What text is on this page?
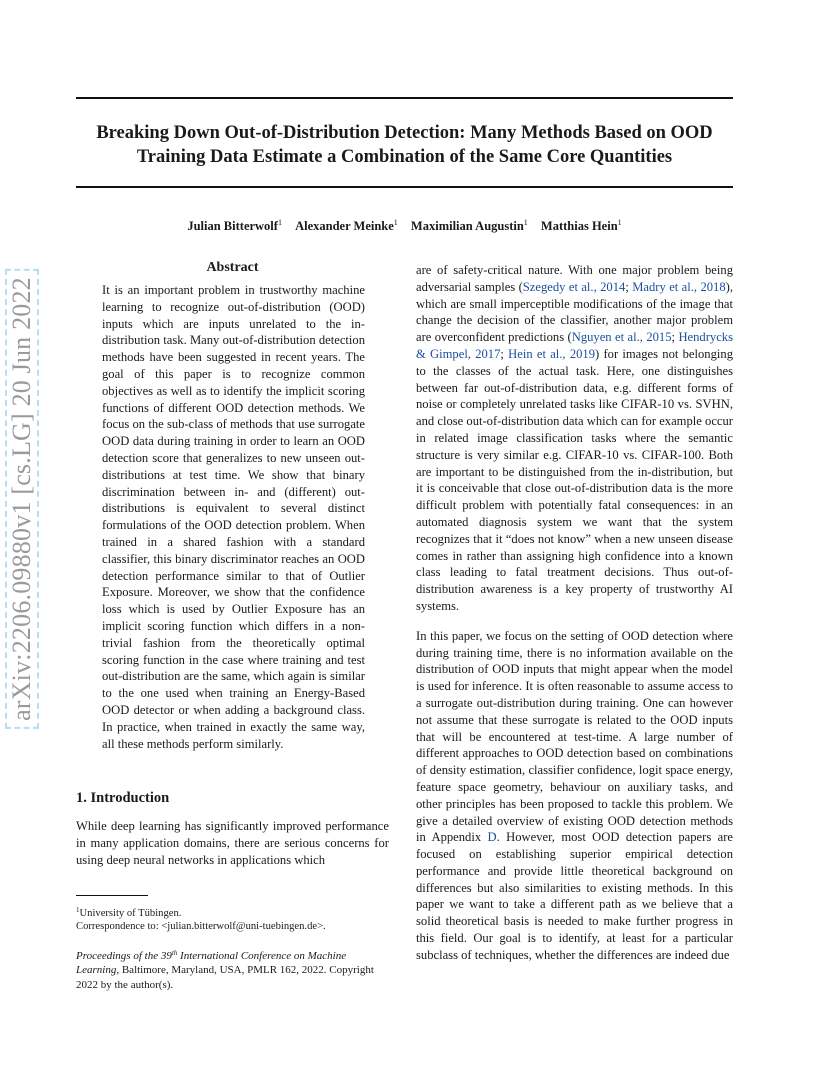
arXiv:2206.09880v1 [cs.LG] 20 Jun 2022
Breaking Down Out-of-Distribution Detection: Many Methods Based on OOD
Training Data Estimate a Combination of the Same Core Quantities
Julian Bitterwolf$^1$ Alexander Meinke$^1$ Maximilian Augustin$^1$ Matthias Hein$^1$
Abstract

It is an important problem in trustworthy machine learning to recognize out-of-distribution (OOD) inputs which are inputs unrelated to the in-distribution task. Many out-of-distribution detection methods have been suggested in recent years. The goal of this paper is to recognize common objectives as well as to identify the implicit scoring functions of different OOD detection methods. We focus on the sub-class of methods that use surrogate OOD data during training in order to learn an OOD detection score that generalizes to new unseen out-distributions at test time. We show that binary discrimination between in- and (different) out-distributions is equivalent to several distinct formulations of the OOD detection problem. When trained in a shared fashion with a standard classifier, this binary discriminator reaches an OOD detection performance similar to that of Outlier Exposure. Moreover, we show that the confidence loss which is used by Outlier Exposure has an implicit scoring function which differs in a non-trivial fashion from the theoretically optimal scoring function in the case where training and test out-distribution are the same, which again is similar to the one used when training an Energy-Based OOD detector or when adding a background class. In practice, when trained in exactly the same way, all these methods perform similarly.

1. Introduction

While deep learning has significantly improved performance in many application domains, there are serious concerns for using deep neural networks in applications which

$^1$University of Tübingen.
Correspondence to: <julian.bitterwolf@uni-tuebingen.de>.
Proceedings of the 39th International Conference on Machine Learning, Baltimore, Maryland, USA, PMLR 162, 2022. Copyright 2022 by the author(s).

are of safety-critical nature. With one major problem being adversarial samples (Szegedy et al., 2014; Madry et al., 2018), which are small imperceptible modifications of the image that change the decision of the classifier, another major problem are overconfident predictions (Nguyen et al., 2015; Hendrycks & Gimpel, 2017; Hein et al., 2019) for images not belonging to the classes of the actual task. Here, one distinguishes between far out-of-distribution data, e.g. different forms of noise or completely unrelated tasks like CIFAR-10 vs. SVHN, and close out-of-distribution data which can for example occur in related image classification tasks where the semantic structure is very similar e.g. CIFAR-10 vs. CIFAR-100. Both are important to be distinguished from the in-distribution, but it is conceivable that close out-of-distribution data is the more difficult problem with potentially fatal consequences: in an automated diagnosis system we want that the system recognizes that it “does not know” when a new unseen disease comes in rather than assigning high confidence into a known class leading to fatal treatment decisions. Thus out-of-distribution awareness is a key property of trustworthy AI systems.

In this paper, we focus on the setting of OOD detection where during training time, there is no information available on the distribution of OOD inputs that might appear when the model is used for inference. It is often reasonable to assume access to a surrogate out-distribution during training. One can however not assume that these surrogate is related to the OOD inputs that will be encountered at test-time. A large number of different approaches to OOD detection based on combinations of density estimation, classifier confidence, logit space energy, feature space geometry, behaviour on auxiliary tasks, and other principles has been proposed to tackle this problem. We give a detailed overview of existing OOD detection methods in Appendix D. However, most OOD detection papers are focused on establishing superior empirical detection performance and provide little theoretical background on differences but also similarities to existing methods. In this paper we want to take a different path as we believe that a solid theoretical basis is needed to make further progress in this field. Our goal is to identify, at least for a particular subclass of techniques, whether the differences are indeed due
